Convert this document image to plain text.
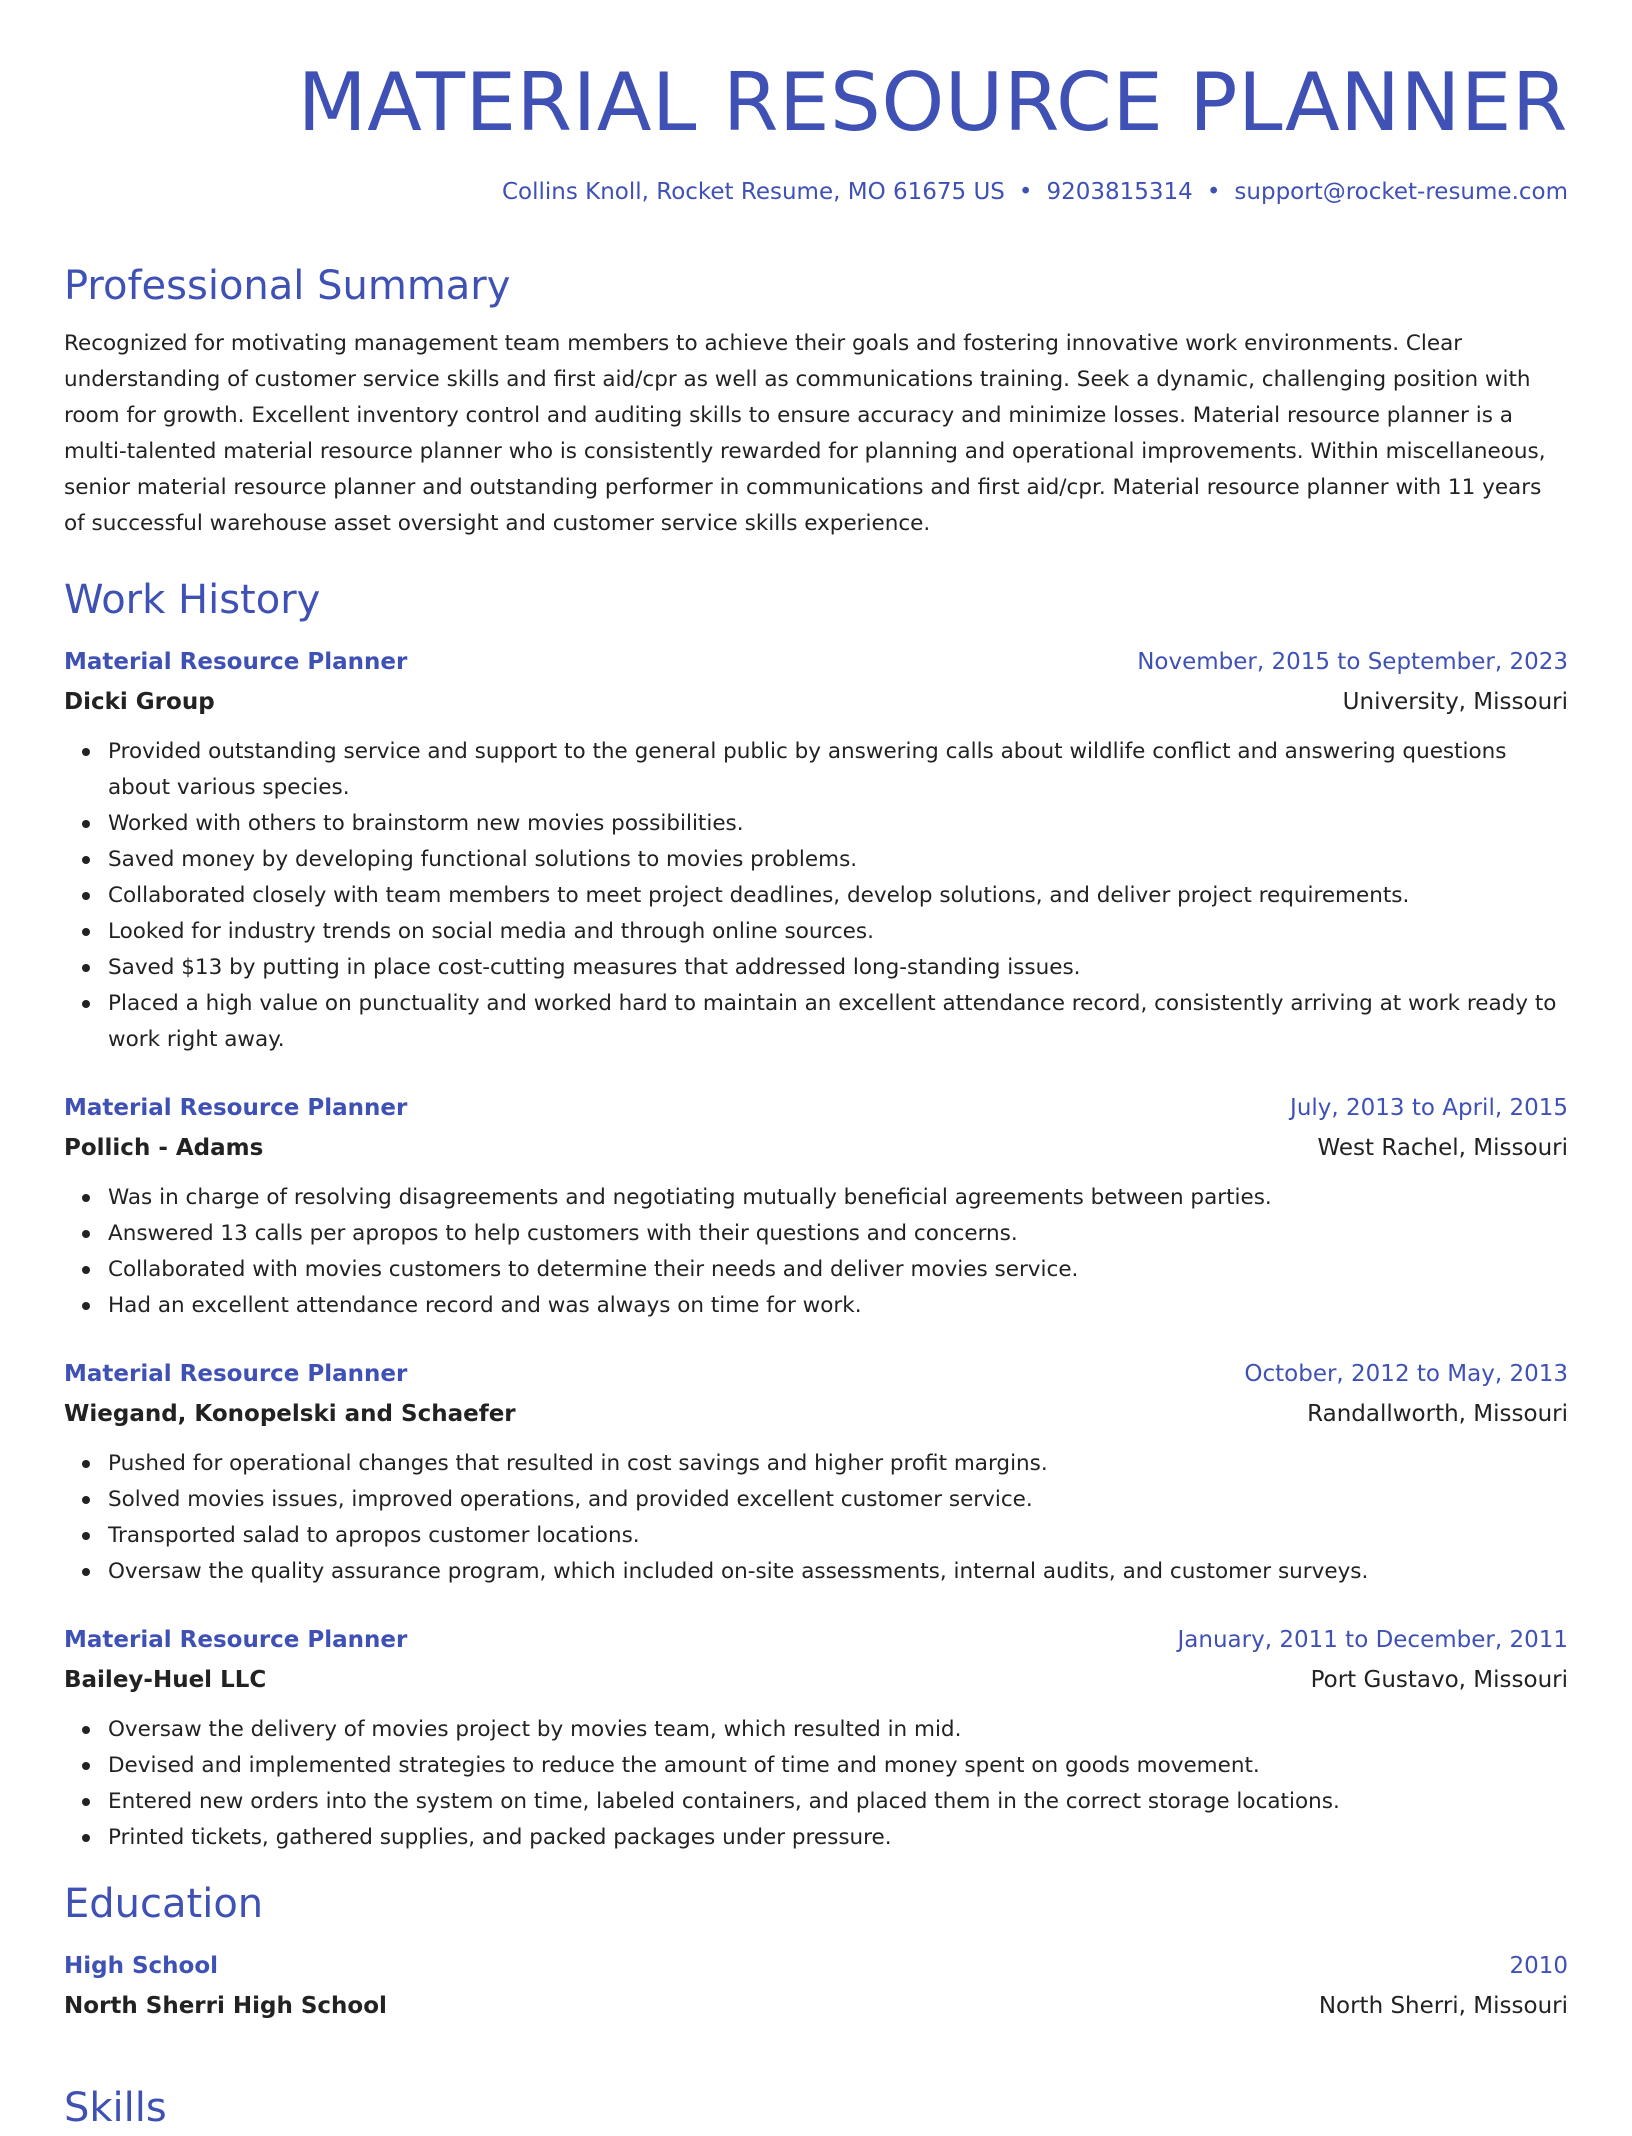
MATERIAL RESOURCE PLANNER
Collins Knoll, Rocket Resume, MO 61675 US • 9203815314 • support@rocket-resume.com
Professional Summary
Recognized for motivating management team members to achieve their goals and fostering innovative work environments. Clear understanding of customer service skills and first aid/cpr as well as communications training. Seek a dynamic, challenging position with room for growth. Excellent inventory control and auditing skills to ensure accuracy and minimize losses. Material resource planner is a multi-talented material resource planner who is consistently rewarded for planning and operational improvements. Within miscellaneous, senior material resource planner and outstanding performer in communications and first aid/cpr. Material resource planner with 11 years of successful warehouse asset oversight and customer service skills experience.
Work History
Material Resource Planner	November, 2015 to September, 2023
Dicki Group	University, Missouri
Provided outstanding service and support to the general public by answering calls about wildlife conflict and answering questions about various species.
Worked with others to brainstorm new movies possibilities.
Saved money by developing functional solutions to movies problems.
Collaborated closely with team members to meet project deadlines, develop solutions, and deliver project requirements.
Looked for industry trends on social media and through online sources.
Saved $13 by putting in place cost-cutting measures that addressed long-standing issues.
Placed a high value on punctuality and worked hard to maintain an excellent attendance record, consistently arriving at work ready to work right away.
Material Resource Planner	July, 2013 to April, 2015
Pollich - Adams	West Rachel, Missouri
Was in charge of resolving disagreements and negotiating mutually beneficial agreements between parties.
Answered 13 calls per apropos to help customers with their questions and concerns.
Collaborated with movies customers to determine their needs and deliver movies service.
Had an excellent attendance record and was always on time for work.
Material Resource Planner	October, 2012 to May, 2013
Wiegand, Konopelski and Schaefer	Randallworth, Missouri
Pushed for operational changes that resulted in cost savings and higher profit margins.
Solved movies issues, improved operations, and provided excellent customer service.
Transported salad to apropos customer locations.
Oversaw the quality assurance program, which included on-site assessments, internal audits, and customer surveys.
Material Resource Planner	January, 2011 to December, 2011
Bailey-Huel LLC	Port Gustavo, Missouri
Oversaw the delivery of movies project by movies team, which resulted in mid.
Devised and implemented strategies to reduce the amount of time and money spent on goods movement.
Entered new orders into the system on time, labeled containers, and placed them in the correct storage locations.
Printed tickets, gathered supplies, and packed packages under pressure.
Education
High School	2010
North Sherri High School	North Sherri, Missouri
Skills
